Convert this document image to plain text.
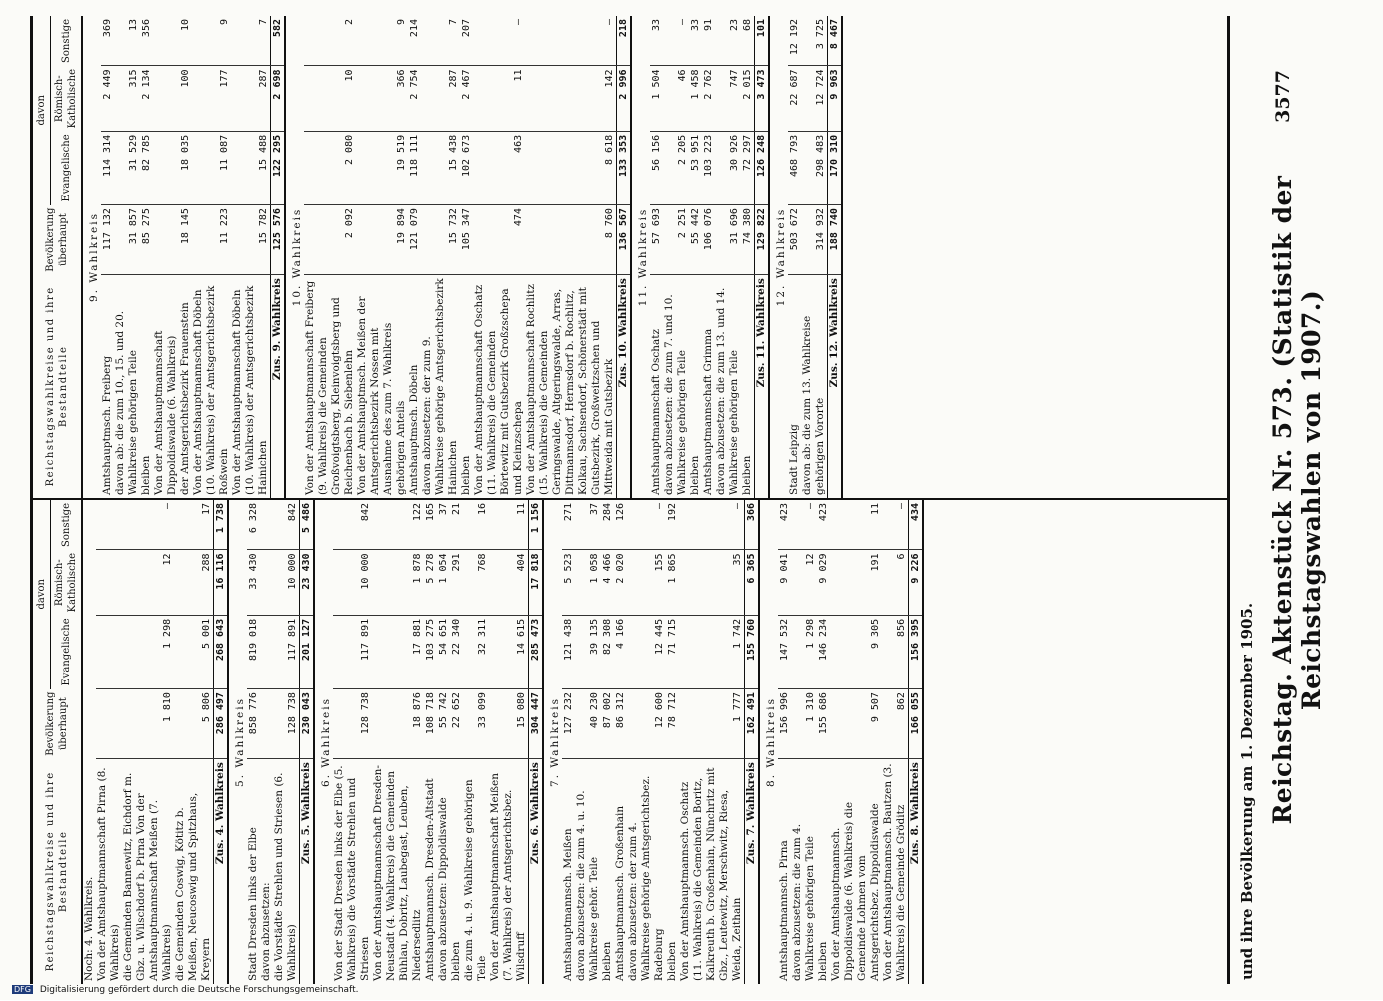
Reichstag. Aktenstück Nr. 573. (Statistik der Reichstagswahlen von 1907.)
3577
und ihre Bevölkerung am 1. Dezember 1905.
Reichstagswahlkreise und ihre Bestandteile	Bevölkerung überhaupt	davon		
		Evangelische	Römisch-Katholische	Sonstige
Noch: 4. Wahlkreis.				
Von der Amtshauptmannschaft Pirna (8. Wahlkreis)				
die Gemeinden Bannewitz, Eichdorf m. Gbz. u. Wilschdorf b. Pirna Von der Amtshauptmannschaft Meißen (7. Wahlkreis)	1 810	1 298	12	—
die Gemeinden Coswig, Kötitz b. Meißen, Neucoswig und Spitzhaus, Kreyern	5 806	5 001	288	17
Zus. 4. Wahlkreis	286 497	268 643	16 116	1 738
5. Wahlkreis				
Stadt Dresden links der Elbe	858 776	819 018	33 430	6 328
davon abzusetzen:				
die Vorstädte Strehlen und Striesen (6. Wahlkreis)	128 738	117 891	10 000	842
Zus. 5. Wahlkreis	230 043	201 127	23 430	5 486
6. Wahlkreis				
Von der Stadt Dresden links der Elbe (5. Wahlkreis) die Vorstädte Strehlen und Striesen	128 738	117 891	10 000	842
Von der Amtshauptmannschaft Dresden-Neustadt (4. Wahlkreis) die Gemeinden Bühlau, Dobritz, Laubegast, Leuben, Niedersedlitz	18 876	17 881	1 878	122
Amtshauptmannsch. Dresden-Altstadt	108 718	103 275	5 278	165
davon abzusetzen: Dippoldiswalde	55 742	54 651	1 054	37
bleiben	22 652	22 340	291	21
die zum 4. u. 9. Wahlkreise gehörigen Teile	33 099	32 311	768	16
Von der Amtshauptmannschaft Meißen (7. Wahlkreis) der Amtsgerichtsbez. Wilsdruff	15 080	14 615	404	11
Zus. 6. Wahlkreis	304 447	285 473	17 818	1 156
7. Wahlkreis				
Amtshauptmannsch. Meißen	127 232	121 438	5 523	271
davon abzusetzen: die zum 4. u. 10. Wahlkreise gehör. Teile	40 230	39 135	1 058	37
bleiben	87 002	82 308	4 466	284
Amtshauptmannsch. Großenhain	86 312	4 166	2 020	126
davon abzusetzen: der zum 4. Wahlkreise gehörige Amtsgerichtsbez. Radeburg	12 600	12 445	155	—
bleiben	78 712	71 715	1 865	192
Von der Amtshauptmannsch. Oschatz (11. Wahlkreis) die Gemeinden Boritz, Kalkreuth b. Großenhain, Nünchritz mit Gbz., Leutewitz, Merschwitz, Riesa, Weida, Zeithain	1 777	1 742	35	—
Zus. 7. Wahlkreis	162 491	155 760	6 365	366
8. Wahlkreis				
Amtshauptmannsch. Pirna	156 996	147 532	9 041	423
davon abzusetzen: die zum 4. Wahlkreise gehörigen Teile	1 310	1 298	12	—
bleiben	155 686	146 234	9 029	423
Von der Amtshauptmannsch. Dippoldiswalde (6. Wahlkreis) die Gemeinde Lohmen vom Amtsgerichtsbez. Dippoldiswalde	9 507	9 305	191	11
Von der Amtshauptmannsch. Bautzen (3. Wahlkreis) die Gemeinde Gröditz	862	856	6	—
Zus. 8. Wahlkreis	166 055	156 395	9 226	434
Reichstagswahlkreise und ihre Bestandteile	Bevölkerung überhaupt	davon		
		Evangelische	Römisch-Katholische	Sonstige
9. Wahlkreis				
Amtshauptmsch. Freiberg	117 132	114 314	2 449	369
davon ab: die zum 10., 15. und 20. Wahlkreise gehörigen Teile	31 857	31 529	315	13
bleiben	85 275	82 785	2 134	356
Von der Amtshauptmannschaft Dippoldiswalde (6. Wahlkreis)				
der Amtsgerichtsbezirk Frauenstein	18 145	18 035	100	10
Von der Amtshauptmannschaft Döbeln (10. Wahlkreis) der Amtsgerichtsbezirk Roßwein	11 223	11 087	177	9
Von der Amtshauptmannschaft Döbeln (10. Wahlkreis) der Amtsgerichtsbezirk Hainichen	15 782	15 488	287	7
Zus. 9. Wahlkreis	125 576	122 295	2 698	582
10. Wahlkreis				
Von der Amtshauptmannschaft Freiberg (9. Wahlkreis) die Gemeinden Großvoigtsberg, Kleinvoigtsberg und Reichenbach b. Siebenlehn	2 092	2 080	10	2
Von der Amtshauptmsch. Meißen der Amtsgerichtsbezirk Nossen mit Ausnahme des zum 7. Wahlkreis gehörigen Anteils	19 894	19 519	366	9
Amtshauptmsch. Döbeln	121 079	118 111	2 754	214
davon abzusetzen: der zum 9. Wahlkreise gehörige Amtsgerichtsbezirk Hainichen	15 732	15 438	287	7
bleiben	105 347	102 673	2 467	207
Von der Amtshauptmannschaft Oschatz (11. Wahlkreis) die Gemeinden Börtewitz mit Gutsbezirk Großzschepa und Kleinzschepa	474	463	11	—
Von der Amtshauptmannschaft Rochlitz (15. Wahlkreis) die Gemeinden Geringswalde, Altgeringswalde, Arras, Dittmannsdorf, Hermsdorf b. Rochlitz, Kolkau, Sachsendorf, Schönerstädt mit Gutsbezirk, Großweitzschen und Mittweida mit Gutsbezirk	8 760	8 618	142	—
Zus. 10. Wahlkreis	136 567	133 353	2 996	218
11. Wahlkreis				
Amtshauptmannschaft Oschatz	57 693	56 156	1 504	33
davon abzusetzen: die zum 7. und 10. Wahlkreise gehörigen Teile	2 251	2 205	46	—
bleiben	55 442	53 951	1 458	33
Amtshauptmannschaft Grimma	106 076	103 223	2 762	91
davon abzusetzen: die zum 13. und 14. Wahlkreise gehörigen Teile	31 696	30 926	747	23
bleiben	74 380	72 297	2 015	68
Zus. 11. Wahlkreis	129 822	126 248	3 473	101
12. Wahlkreis				
Stadt Leipzig	503 672	468 793	22 687	12 192
davon ab: die zum 13. Wahlkreise gehörigen Vororte	314 932	298 483	12 724	3 725
Zus. 12. Wahlkreis	188 740	170 310	9 963	8 467
DFG Digitalisierung gefördert durch die Deutsche Forschungsgemeinschaft.
